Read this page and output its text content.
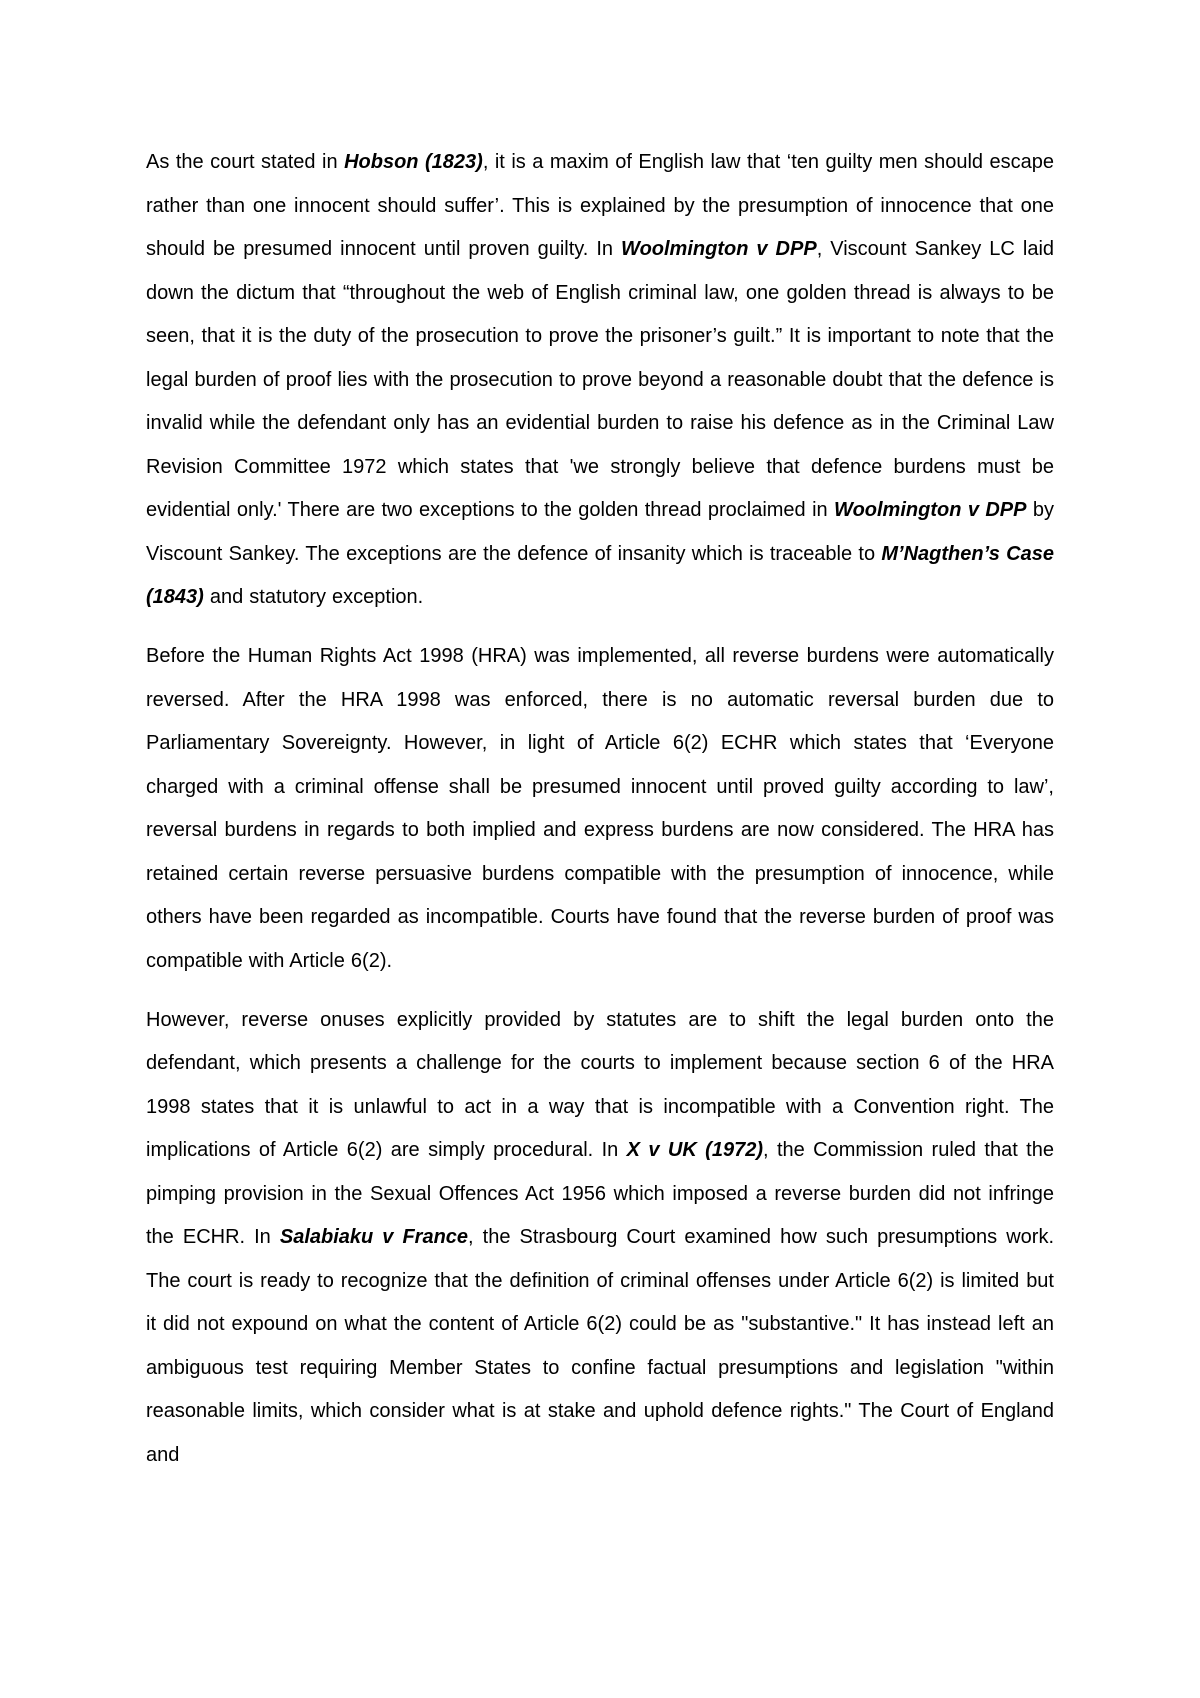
As the court stated in Hobson (1823), it is a maxim of English law that ‘ten guilty men should escape rather than one innocent should suffer’. This is explained by the presumption of innocence that one should be presumed innocent until proven guilty. In Woolmington v DPP, Viscount Sankey LC laid down the dictum that “throughout the web of English criminal law, one golden thread is always to be seen, that it is the duty of the prosecution to prove the prisoner’s guilt.” It is important to note that the legal burden of proof lies with the prosecution to prove beyond a reasonable doubt that the defence is invalid while the defendant only has an evidential burden to raise his defence as in the Criminal Law Revision Committee 1972 which states that 'we strongly believe that defence burdens must be evidential only.' There are two exceptions to the golden thread proclaimed in Woolmington v DPP by Viscount Sankey. The exceptions are the defence of insanity which is traceable to M’Nagthen’s Case (1843) and statutory exception.

Before the Human Rights Act 1998 (HRA) was implemented, all reverse burdens were automatically reversed. After the HRA 1998 was enforced, there is no automatic reversal burden due to Parliamentary Sovereignty. However, in light of Article 6(2) ECHR which states that ‘Everyone charged with a criminal offense shall be presumed innocent until proved guilty according to law’, reversal burdens in regards to both implied and express burdens are now considered. The HRA has retained certain reverse persuasive burdens compatible with the presumption of innocence, while others have been regarded as incompatible. Courts have found that the reverse burden of proof was compatible with Article 6(2).

However, reverse onuses explicitly provided by statutes are to shift the legal burden onto the defendant, which presents a challenge for the courts to implement because section 6 of the HRA 1998 states that it is unlawful to act in a way that is incompatible with a Convention right. The implications of Article 6(2) are simply procedural. In X v UK (1972), the Commission ruled that the pimping provision in the Sexual Offences Act 1956 which imposed a reverse burden did not infringe the ECHR. In Salabiaku v France, the Strasbourg Court examined how such presumptions work. The court is ready to recognize that the definition of criminal offenses under Article 6(2) is limited but it did not expound on what the content of Article 6(2) could be as "substantive." It has instead left an ambiguous test requiring Member States to confine factual presumptions and legislation "within reasonable limits, which consider what is at stake and uphold defence rights." The Court of England and
